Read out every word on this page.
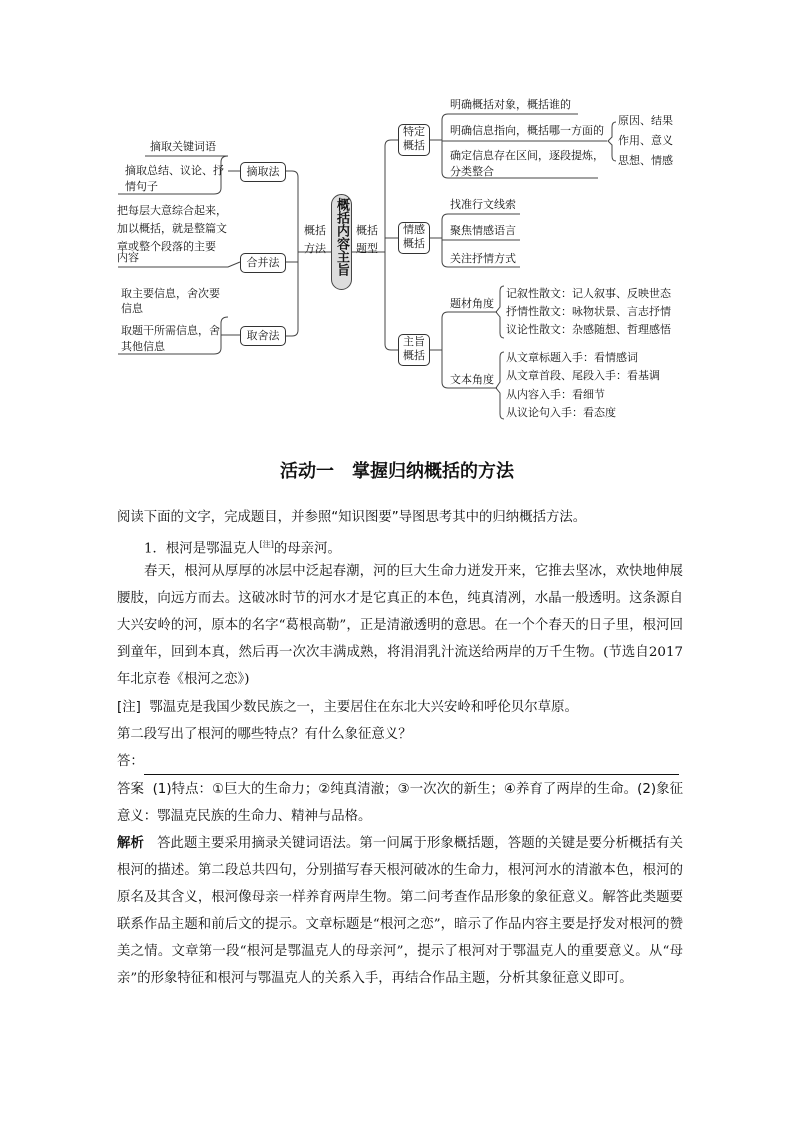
摘取关键词语
摘取总结、议论、抒
情句子
摘取法
把每层大意综合起来，
加以概括，就是整篇文
章或整个段落的主要
内容	合并法
取主要信息，舍次要
信息
取题干所需信息，舍
其他信息
取舍法
概括
方法 概括内容主旨 概括
题型
特定
概括
明确概括对象，概括谁的
明确信息指向，概括哪一方面的
确定信息存在区间，逐段提炼，
分类整合
原因、结果
作用、意义
思想、情感
情感
概括
找准行文线索
聚焦情感语言
关注抒情方式
主旨
概括
题材角度
记叙性散文：记人叙事、反映世态
抒情性散文：咏物状景、言志抒情
议论性散文：杂感随想、哲理感悟
文本角度
从文章标题入手：看情感词
从文章首段、尾段入手：看基调
从内容入手：看细节
从议论句入手：看态度
活动一　掌握归纳概括的方法
阅读下面的文字，完成题目，并参照“知识图要”导图思考其中的归纳概括方法。
1．根河是鄂温克人[注]的母亲河。
春天，根河从厚厚的冰层中泛起春潮，河的巨大生命力迸发开来，它推去坚冰，欢快地伸展腰肢，向远方而去。这破冰时节的河水才是它真正的本色，纯真清冽，水晶一般透明。这条源自大兴安岭的河，原本的名字“葛根高勒”，正是清澈透明的意思。在一个个春天的日子里，根河回到童年，回到本真，然后再一次次丰满成熟，将涓涓乳汁流送给两岸的万千生物。(节选自2017年北京卷《根河之恋》)
[注] 鄂温克是我国少数民族之一，主要居住在东北大兴安岭和呼伦贝尔草原。
第二段写出了根河的哪些特点？有什么象征意义？
答：
答案 (1)特点：①巨大的生命力；②纯真清澈；③一次次的新生；④养育了两岸的生命。(2)象征意义：鄂温克民族的生命力、精神与品格。
解析 答此题主要采用摘录关键词语法。第一问属于形象概括题，答题的关键是要分析概括有关根河的描述。第二段总共四句，分别描写春天根河破冰的生命力，根河河水的清澈本色，根河的原名及其含义，根河像母亲一样养育两岸生物。第二问考查作品形象的象征意义。解答此类题要联系作品主题和前后文的提示。文章标题是“根河之恋”，暗示了作品内容主要是抒发对根河的赞美之情。文章第一段“根河是鄂温克人的母亲河”，提示了根河对于鄂温克人的重要意义。从“母亲”的形象特征和根河与鄂温克人的关系入手，再结合作品主题，分析其象征意义即可。
